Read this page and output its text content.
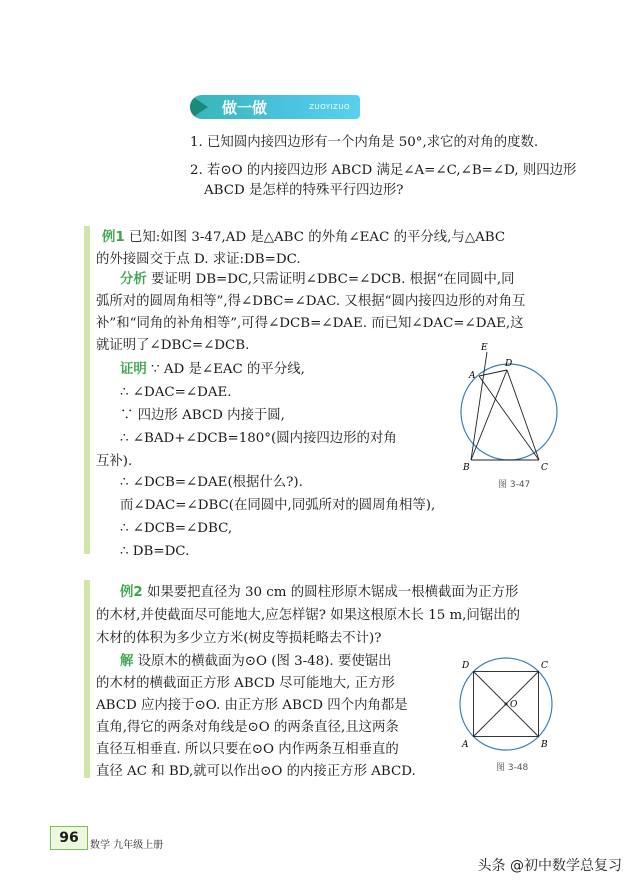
做一做	ZUOYIZUO
1. 已知圆内接四边形有一个内角是 50°,求它的对角的度数.
2. 若⊙O 的内接四边形 ABCD 满足∠A=∠C,∠B=∠D, 则四边形
ABCD 是怎样的特殊平行四边形?
例1 已知:如图 3-47,AD 是△ABC 的外角∠EAC 的平分线,与△ABC
的外接圆交于点 D. 求证:DB=DC.
分析 要证明 DB=DC,只需证明∠DBC=∠DCB. 根据“在同圆中,同
弧所对的圆周角相等”,得∠DBC=∠DAC. 又根据“圆内接四边形的对角互
补”和“同角的补角相等”,可得∠DCB=∠DAE. 而已知∠DAC=∠DAE,这
就证明了∠DBC=∠DCB.
证明 ∵ AD 是∠EAC 的平分线,
∴ ∠DAC=∠DAE.
∵ 四边形 ABCD 内接于圆,
∴ ∠BAD+∠DCB=180°(圆内接四边形的对角
互补).
∴ ∠DCB=∠DAE(根据什么?).
而∠DAC=∠DBC(在同圆中,同弧所对的圆周角相等),
∴ ∠DCB=∠DBC,
∴ DB=DC.
E
D
A
B	C
图 3-47
例2 如果要把直径为 30 cm 的圆柱形原木锯成一根横截面为正方形
的木材,并使截面尽可能地大,应怎样锯? 如果这根原木长 15 m,问锯出的
木材的体积为多少立方米(树皮等损耗略去不计)?
解 设原木的横截面为⊙O (图 3-48). 要使锯出
的木材的横截面正方形 ABCD 尽可能地大, 正方形
ABCD 应内接于⊙O. 由正方形 ABCD 四个内角都是
直角,得它的两条对角线是⊙O 的两条直径,且这两条
直径互相垂直. 所以只要在⊙O 内作两条互相垂直的
直径 AC 和 BD,就可以作出⊙O 的内接正方形 ABCD.
D	C
O
A	B
图 3-48
96	数学 九年级上册
头条 @初中数学总复习
